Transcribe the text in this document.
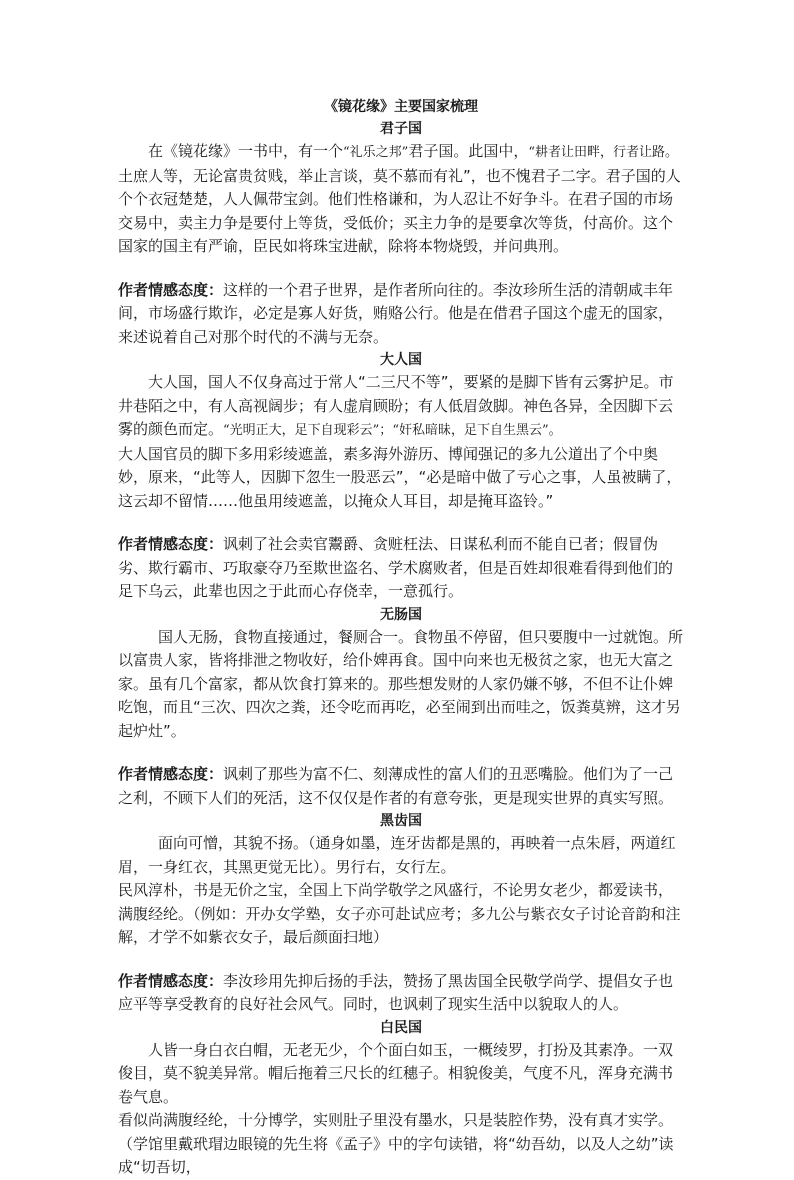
《镜花缘》主要国家梳理
君子国

在《镜花缘》一书中，有一个“礼乐之邦”君子国。此国中，“耕者让田畔，行者让路。土庶人等，无论富贵贫贱，举止言谈，莫不慕而有礼”，也不愧君子二字。君子国的人个个衣冠楚楚，人人佩带宝剑。他们性格谦和，为人忍让不好争斗。在君子国的市场交易中，卖主力争是要付上等货，受低价；买主力争的是要拿次等货，付高价。这个国家的国主有严谕，臣民如将珠宝进献，除将本物烧毁，并问典刑。

作者情感态度：这样的一个君子世界，是作者所向往的。李汝珍所生活的清朝咸丰年间，市场盛行欺诈，必定是寡人好货，贿赂公行。他是在借君子国这个虚无的国家，来述说着自己对那个时代的不满与无奈。

大人国

大人国，国人不仅身高过于常人“二三尺不等”，要紧的是脚下皆有云雾护足。市井巷陌之中，有人高视阔步；有人虚肩顾盼；有人低眉敛脚。神色各异，全因脚下云雾的颜色而定。“光明正大，足下自现彩云”；“奸私暗昧，足下自生黑云”。

大人国官员的脚下多用彩绫遮盖，素多海外游历、博闻强记的多九公道出了个中奥妙，原来，“此等人，因脚下忽生一股恶云”，“必是暗中做了亏心之事，人虽被瞒了，这云却不留情……他虽用绫遮盖，以掩众人耳目，却是掩耳盗铃。”

作者情感态度：讽刺了社会卖官鬻爵、贪赃枉法、日谋私利而不能自已者；假冒伪劣、欺行霸市、巧取豪夺乃至欺世盗名、学术腐败者，但是百姓却很难看得到他们的足下乌云，此辈也因之于此而心存侥幸，一意孤行。

无肠国

国人无肠，食物直接通过，餐厕合一。食物虽不停留，但只要腹中一过就饱。所以富贵人家，皆将排泄之物收好，给仆婢再食。国中向来也无极贫之家，也无大富之家。虽有几个富家，都从饮食打算来的。那些想发财的人家仍嫌不够，不但不让仆婢吃饱，而且“三次、四次之粪，还令吃而再吃，必至闹到出而哇之，饭粪莫辨，这才另起炉灶”。

作者情感态度：讽刺了那些为富不仁、刻薄成性的富人们的丑恶嘴脸。他们为了一己之利，不顾下人们的死活，这不仅仅是作者的有意夸张，更是现实世界的真实写照。

黑齿国

面向可憎，其貌不扬。（通身如墨，连牙齿都是黑的，再映着一点朱唇，两道红眉，一身红衣，其黑更觉无比）。男行右，女行左。

民风淳朴，书是无价之宝，全国上下尚学敬学之风盛行，不论男女老少，都爱读书，满腹经纶。（例如：开办女学塾，女子亦可赴试应考；多九公与紫衣女子讨论音韵和注解，才学不如紫衣女子，最后颜面扫地）

作者情感态度：李汝珍用先抑后扬的手法，赞扬了黑齿国全民敬学尚学、提倡女子也应平等享受教育的良好社会风气。同时，也讽刺了现实生活中以貌取人的人。

白民国

人皆一身白衣白帽，无老无少，个个面白如玉，一概绫罗，打扮及其素净。一双俊目，莫不貌美异常。帽后拖着三尺长的红穗子。相貌俊美，气度不凡，浑身充满书卷气息。

看似尚满腹经纶，十分博学，实则肚子里没有墨水，只是装腔作势，没有真才实学。（学馆里戴玳瑁边眼镜的先生将《孟子》中的字句读错，将“幼吾幼，以及人之幼”读成“切吾切，
